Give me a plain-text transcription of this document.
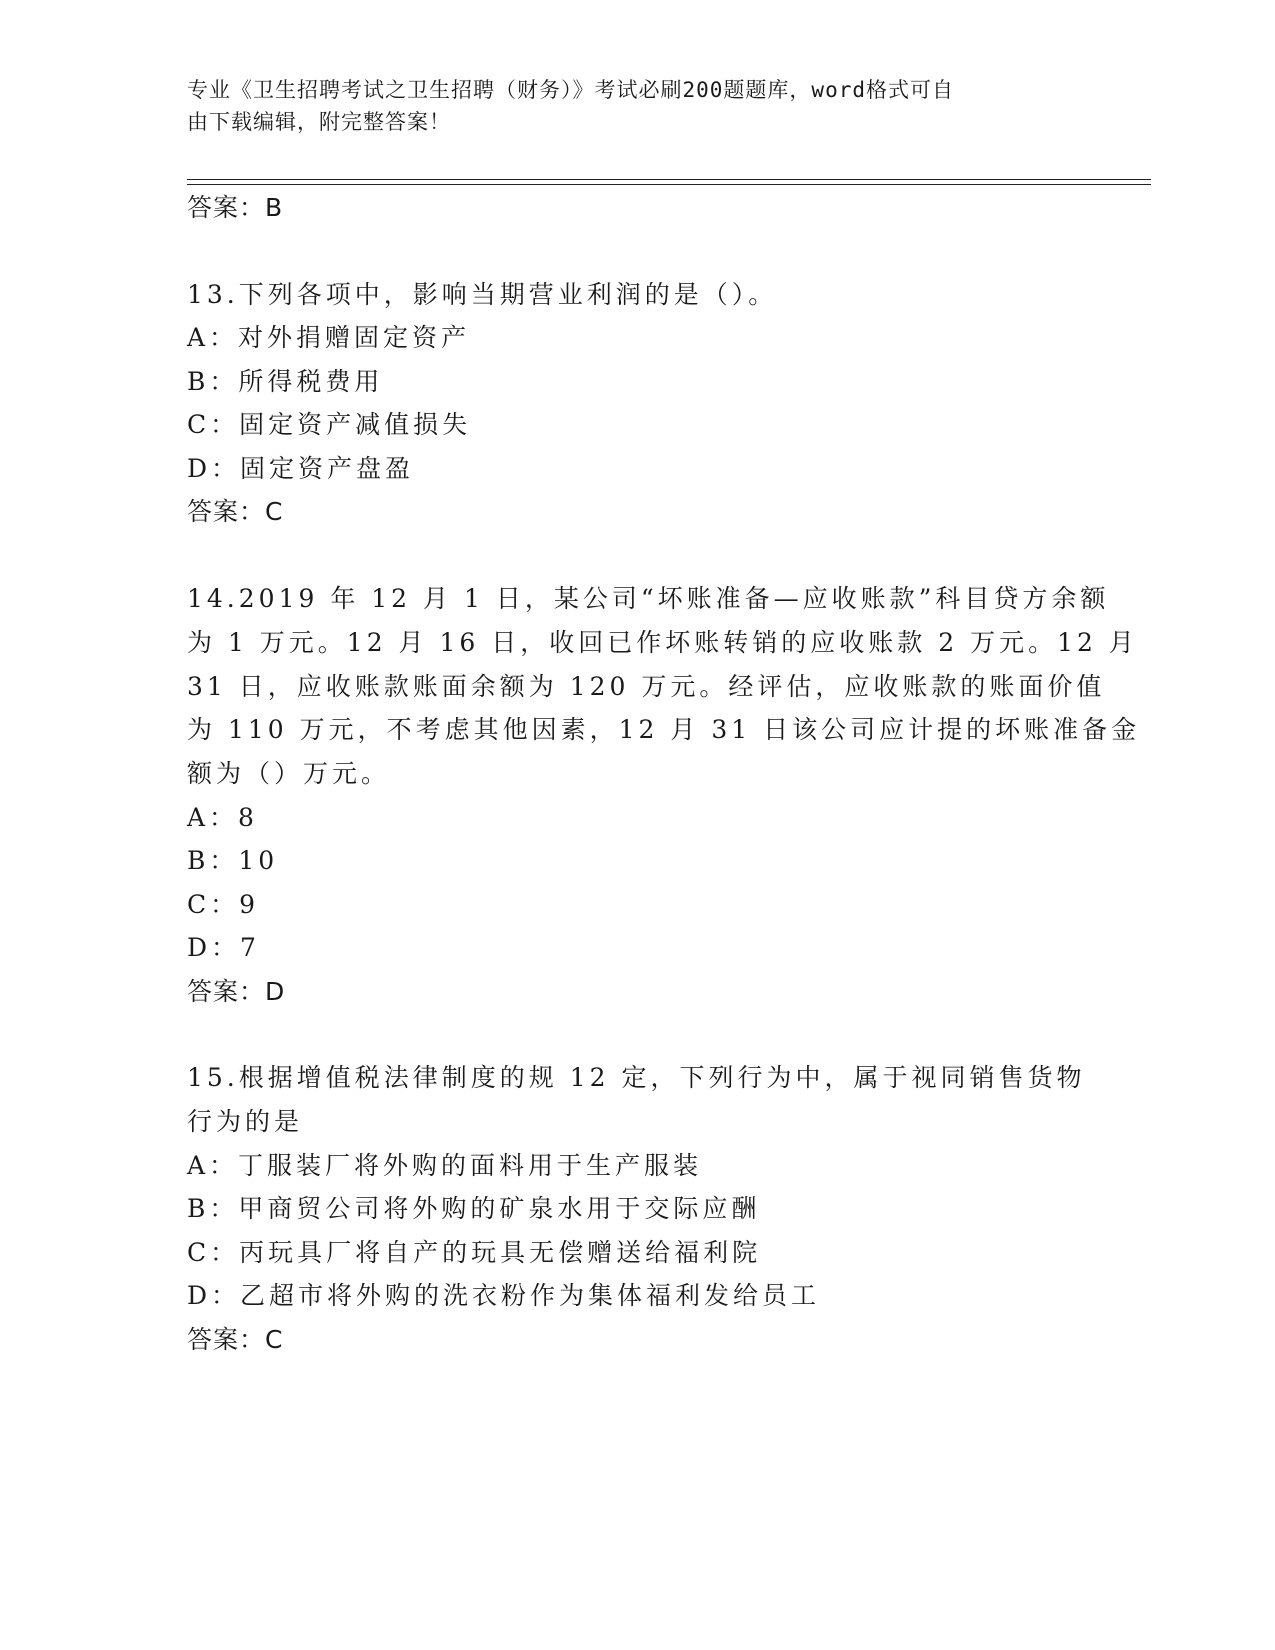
专业《卫生招聘考试之卫生招聘（财务）》考试必刷200题题库，word格式可自
由下载编辑，附完整答案！
答案：B
13.下列各项中，影响当期营业利润的是（）。
A：对外捐赠固定资产
B：所得税费用
C：固定资产减值损失
D：固定资产盘盈
答案：C
14.2019 年 12 月 1 日，某公司“坏账准备—应收账款”科目贷方余额
为 1 万元。12 月 16 日，收回已作坏账转销的应收账款 2 万元。12 月
31 日，应收账款账面余额为 120 万元。经评估，应收账款的账面价值
为 110 万元，不考虑其他因素，12 月 31 日该公司应计提的坏账准备金
额为（）万元。
A：8
B：10
C：9
D：7
答案：D
15.根据增值税法律制度的规 12 定，下列行为中，属于视同销售货物
行为的是
A：丁服装厂将外购的面料用于生产服装
B：甲商贸公司将外购的矿泉水用于交际应酬
C：丙玩具厂将自产的玩具无偿赠送给福利院
D：乙超市将外购的洗衣粉作为集体福利发给员工
答案：C
